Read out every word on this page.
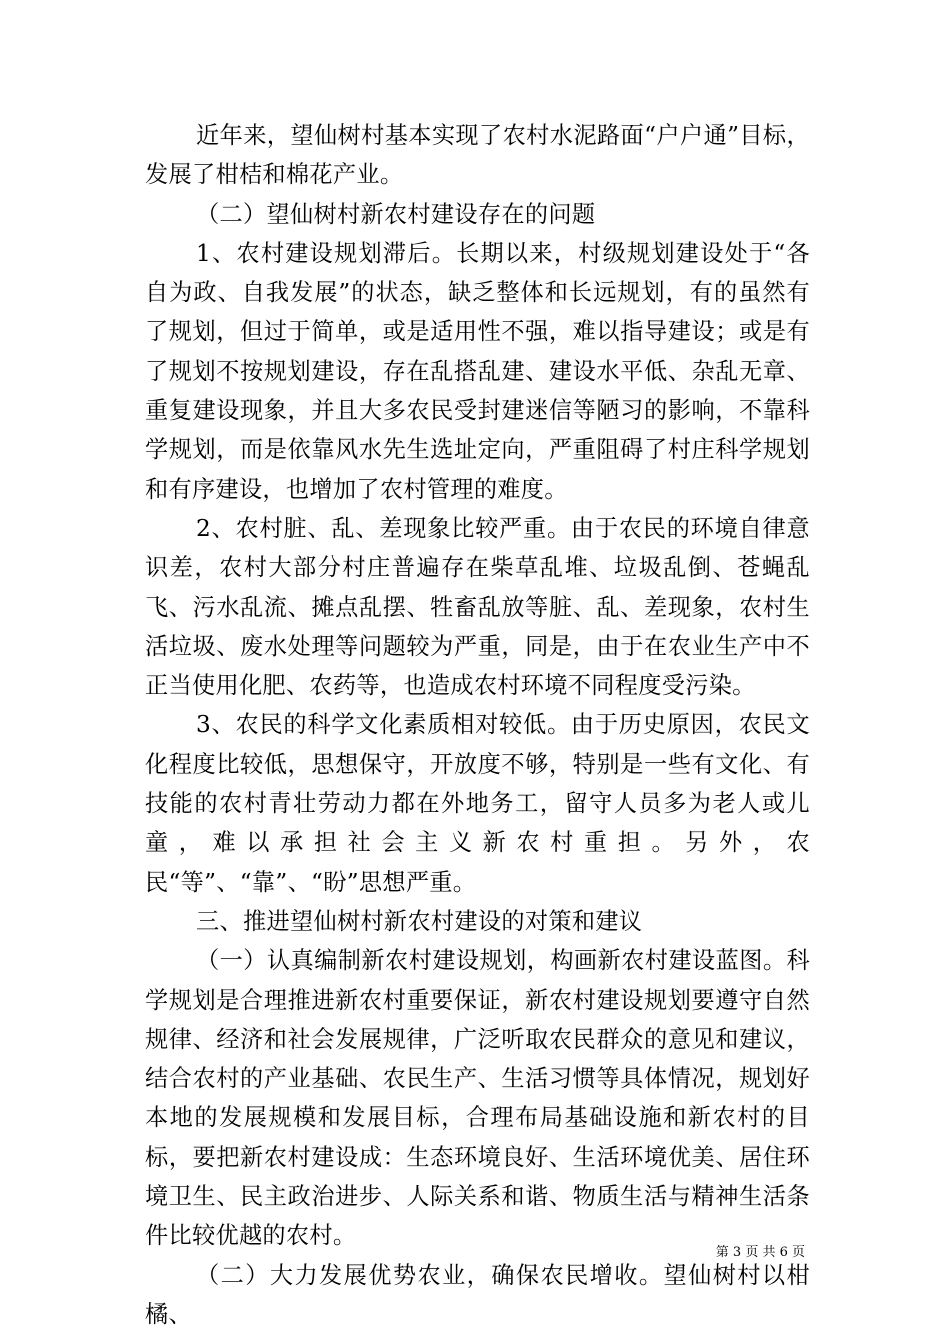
近年来，望仙树村基本实现了农村水泥路面“户户通”目标，发展了柑桔和棉花产业。

（二）望仙树村新农村建设存在的问题

1、农村建设规划滞后。长期以来，村级规划建设处于“各自为政、自我发展”的状态，缺乏整体和长远规划，有的虽然有了规划，但过于简单，或是适用性不强，难以指导建设；或是有了规划不按规划建设，存在乱搭乱建、建设水平低、杂乱无章、重复建设现象，并且大多农民受封建迷信等陋习的影响，不靠科学规划，而是依靠风水先生选址定向，严重阻碍了村庄科学规划和有序建设，也增加了农村管理的难度。

2、农村脏、乱、差现象比较严重。由于农民的环境自律意识差，农村大部分村庄普遍存在柴草乱堆、垃圾乱倒、苍蝇乱飞、污水乱流、摊点乱摆、牲畜乱放等脏、乱、差现象，农村生活垃圾、废水处理等问题较为严重，同是，由于在农业生产中不正当使用化肥、农药等，也造成农村环境不同程度受污染。

3、农民的科学文化素质相对较低。由于历史原因，农民文化程度比较低，思想保守，开放度不够，特别是一些有文化、有技能的农村青壮劳动力都在外地务工，留守人员多为老人或儿童，难以承担社会主义新农村重担。另外，农民“等”、“靠”、“盼”思想严重。

三、推进望仙树村新农村建设的对策和建议

（一）认真编制新农村建设规划，构画新农村建设蓝图。科学规划是合理推进新农村重要保证，新农村建设规划要遵守自然规律、经济和社会发展规律，广泛听取农民群众的意见和建议，结合农村的产业基础、农民生产、生活习惯等具体情况，规划好本地的发展规模和发展目标，合理布局基础设施和新农村的目标，要把新农村建设成：生态环境良好、生活环境优美、居住环境卫生、民主政治进步、人际关系和谐、物质生活与精神生活条件比较优越的农村。

（二）大力发展优势农业，确保农民增收。望仙树村以柑橘、

第 3 页 共 6 页
